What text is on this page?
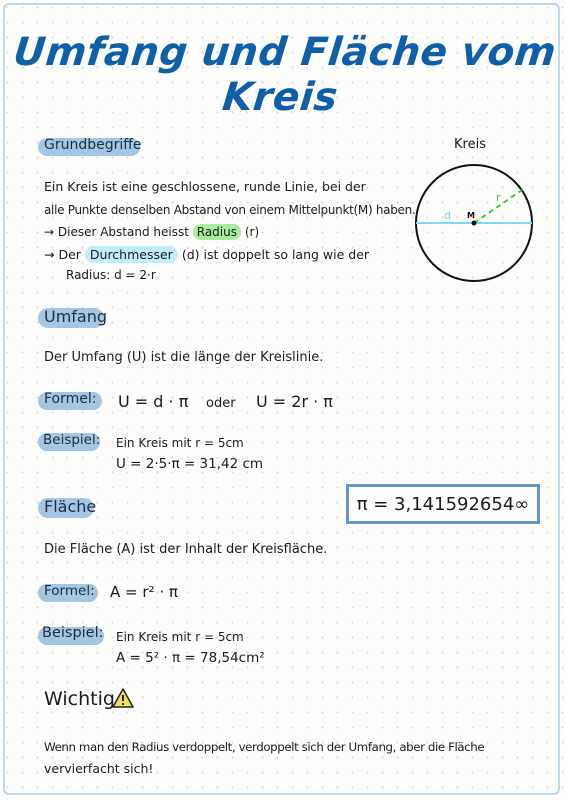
Umfang und Fläche vom Kreis
Grundbegriffe
Ein Kreis ist eine geschlossene, runde Linie, bei der
alle Punkte denselben Abstand von einem Mittelpunkt(M) haben.
→ Dieser Abstand heisst Radius (r)
→ Der Durchmesser (d) ist doppelt so lang wie der
Radius: d = 2·r
Kreis
d
r
M
Umfang
Der Umfang (U) ist die länge der Kreislinie.
Formel: U = d · π oder U = 2r · π
Beispiel: Ein Kreis mit r = 5cm
U = 2·5·π = 31,42 cm
π = 3,141592654∞
Fläche
Die Fläche (A) ist der Inhalt der Kreisfläche.
Formel: A = r² · π
Beispiel: Ein Kreis mit r = 5cm
A = 5² · π = 78,54cm²
Wichtig
Wenn man den Radius verdoppelt, verdoppelt sich der Umfang, aber die Fläche
vervierfacht sich!
